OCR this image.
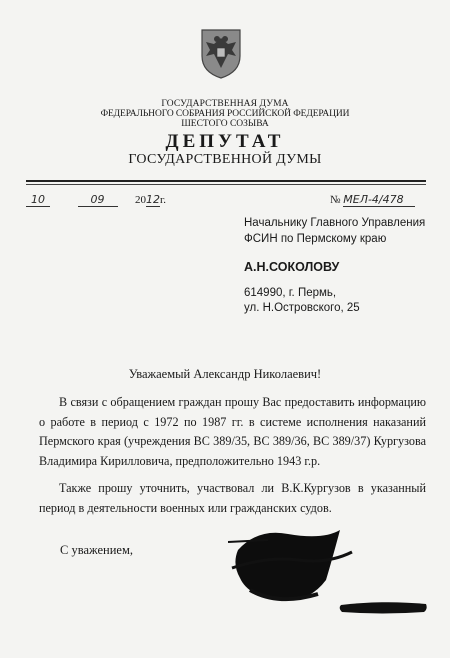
ГОСУДАРСТВЕННАЯ ДУМА
ФЕДЕРАЛЬНОГО СОБРАНИЯ РОССИЙСКОЙ ФЕДЕРАЦИИ
ШЕСТОГО СОЗЫВА
ДЕПУТАТ
ГОСУДАРСТВЕННОЙ ДУМЫ
10	09	2012г.	№ МЕЛ-4/478
Начальнику Главного Управления
ФСИН по Пермскому краю
А.Н.СОКОЛОВУ
614990, г. Пермь,
ул. Н.Островского, 25
Уважаемый Александр Николаевич!
В связи с обращением граждан прошу Вас предоставить информацию о работе в период с 1972 по 1987 гг. в системе исполнения наказаний Пермского края (учреждения ВС 389/35, ВС 389/36, ВС 389/37) Кургузова Владимира Кирилловича, предположительно 1943 г.р.
Также прошу уточнить, участвовал ли В.К.Кургузов в указанный период в деятельности военных или гражданских судов.
С уважением,
